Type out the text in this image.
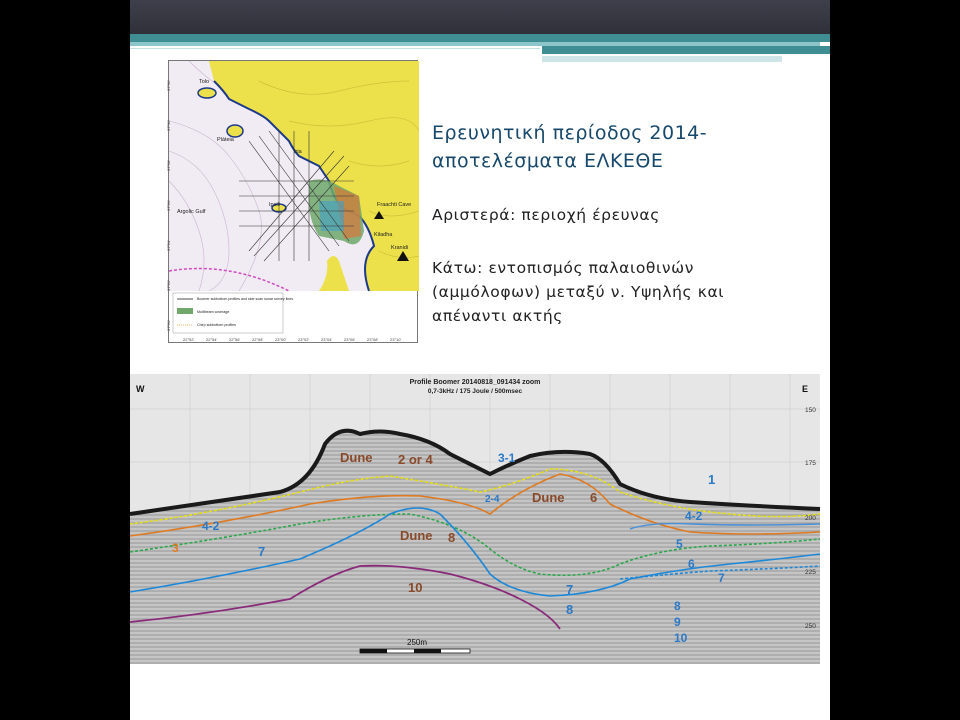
Tolo
Pláteia
Iria
Argolic Gulf
Ipsili	Fraachti Cave
Kiladha
Kranidi
Boomer subbottom profiles and side scan sonar survey lines
Multibeam coverage
Chirp subbottom profiles
22°52'	22°54'	22°56'	22°58'	23°00'	23°02'	23°04'	23°06'	23°08'	23°10'
37°32'
37°30'
37°28'
37°26'
37°24'
37°22'
37°20'
Ερευνητική περίοδος 2014-
αποτελέσματα ΕΛΚΕΘΕ
Αριστερά: περιοχή έρευνας
Κάτω: εντοπισμός παλαιοθινών
(αμμόλοφων) μεταξύ ν. Υψηλής και
απέναντι ακτής
Profile Boomer 20140818_091434 zoom
0,7-3kHz / 175 Joule / 500msec
W	E
150
175
200
225
250
Dune 2 or 4	3-1
2-4	Dune 6
1
4-2
5
6
7
4-2
3	7
Dune 8
10	7
8	8
9
10
250m
